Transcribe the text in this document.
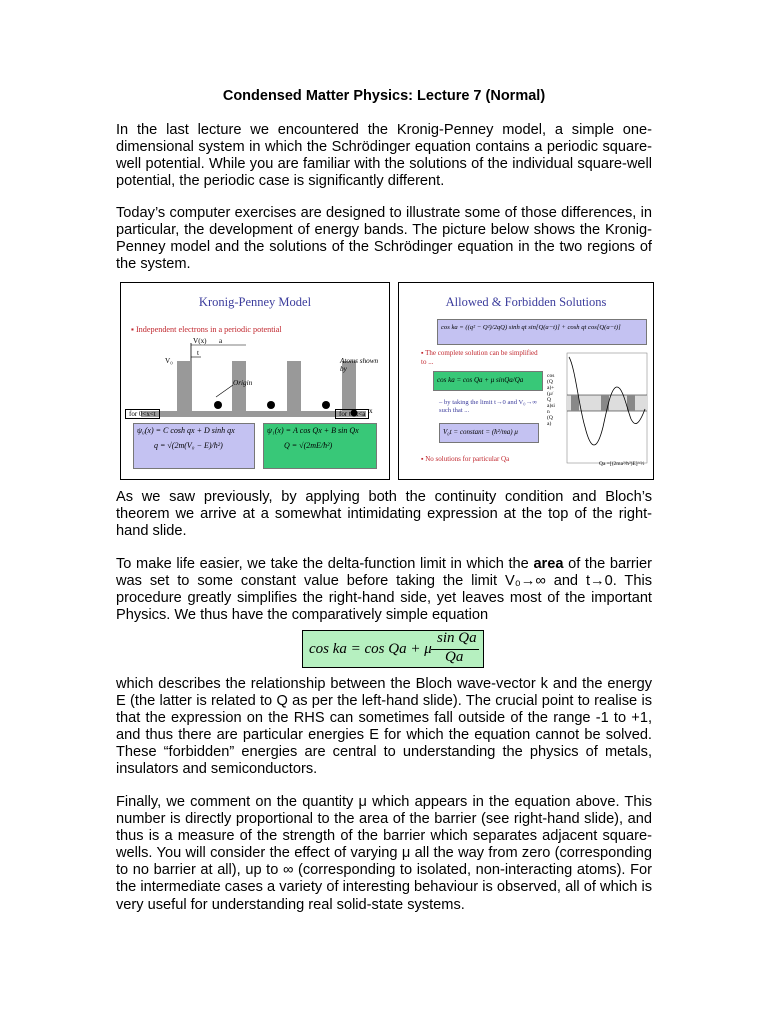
Condensed Matter Physics: Lecture 7 (Normal)
In the last lecture we encountered the Kronig-Penney model, a simple one-dimensional system in which the Schrödinger equation contains a periodic square-well potential. While you are familiar with the solutions of the individual square-well potential, the periodic case is significantly different.
Today’s computer exercises are designed to illustrate some of those differences, in particular, the development of energy bands. The picture below shows the Kronig-Penney model and the solutions of the Schrödinger equation in the two regions of the system.
Kronig-Penney Model
▪ Independent electrons in a periodic potential
V(x)
V₀
a
t
Origin
Atoms shown by
x
for 0<x<t	for t<x<a
ψ₀(x) = C cosh qx + D sinh qx
q = √(2m(V₀ − E)/ħ²)
ψ₁(x) = A cos Qx + B sin Qx
Q = √(2mE/ħ²)
Allowed & Forbidden Solutions
cos ka = ((q² − Q²)/2qQ) sinh qt sin[Q(a−t)] + cosh qt cos[Q(a−t)]
▪ The complete solution can be simplified to ...
cos ka = cos Qa + μ sinQa/Qa
– by taking the limit t→0 and V₀→∞ such that ...
V₀t = constant = (ħ²/ma) μ
▪ No solutions for particular Qa
cos(Qa)+(μ/Qa)sin(Qa)
Qa =[(2ma²/ħ²)E]^½
As we saw previously, by applying both the continuity condition and Bloch’s theorem we arrive at a somewhat intimidating expression at the top of the right-hand slide.
To make life easier, we take the delta-function limit in which the area of the barrier was set to some constant value before taking the limit V₀→∞ and t→0. This procedure greatly simplifies the right-hand side, yet leaves most of the important Physics. We thus have the comparatively simple equation
cos ka = cos Qa + μ
sin Qa
Qa
which describes the relationship between the Bloch wave-vector k and the energy E (the latter is related to Q as per the left-hand slide). The crucial point to realise is that the expression on the RHS can sometimes fall outside of the range -1 to +1, and thus there are particular energies E for which the equation cannot be solved. These “forbidden” energies are central to understanding the physics of metals, insulators and semiconductors.
Finally, we comment on the quantity μ which appears in the equation above. This number is directly proportional to the area of the barrier (see right-hand slide), and thus is a measure of the strength of the barrier which separates adjacent square-wells. You will consider the effect of varying μ all the way from zero (corresponding to no barrier at all), up to ∞ (corresponding to isolated, non-interacting atoms). For the intermediate cases a variety of interesting behaviour is observed, all of which is very useful for understanding real solid-state systems.
